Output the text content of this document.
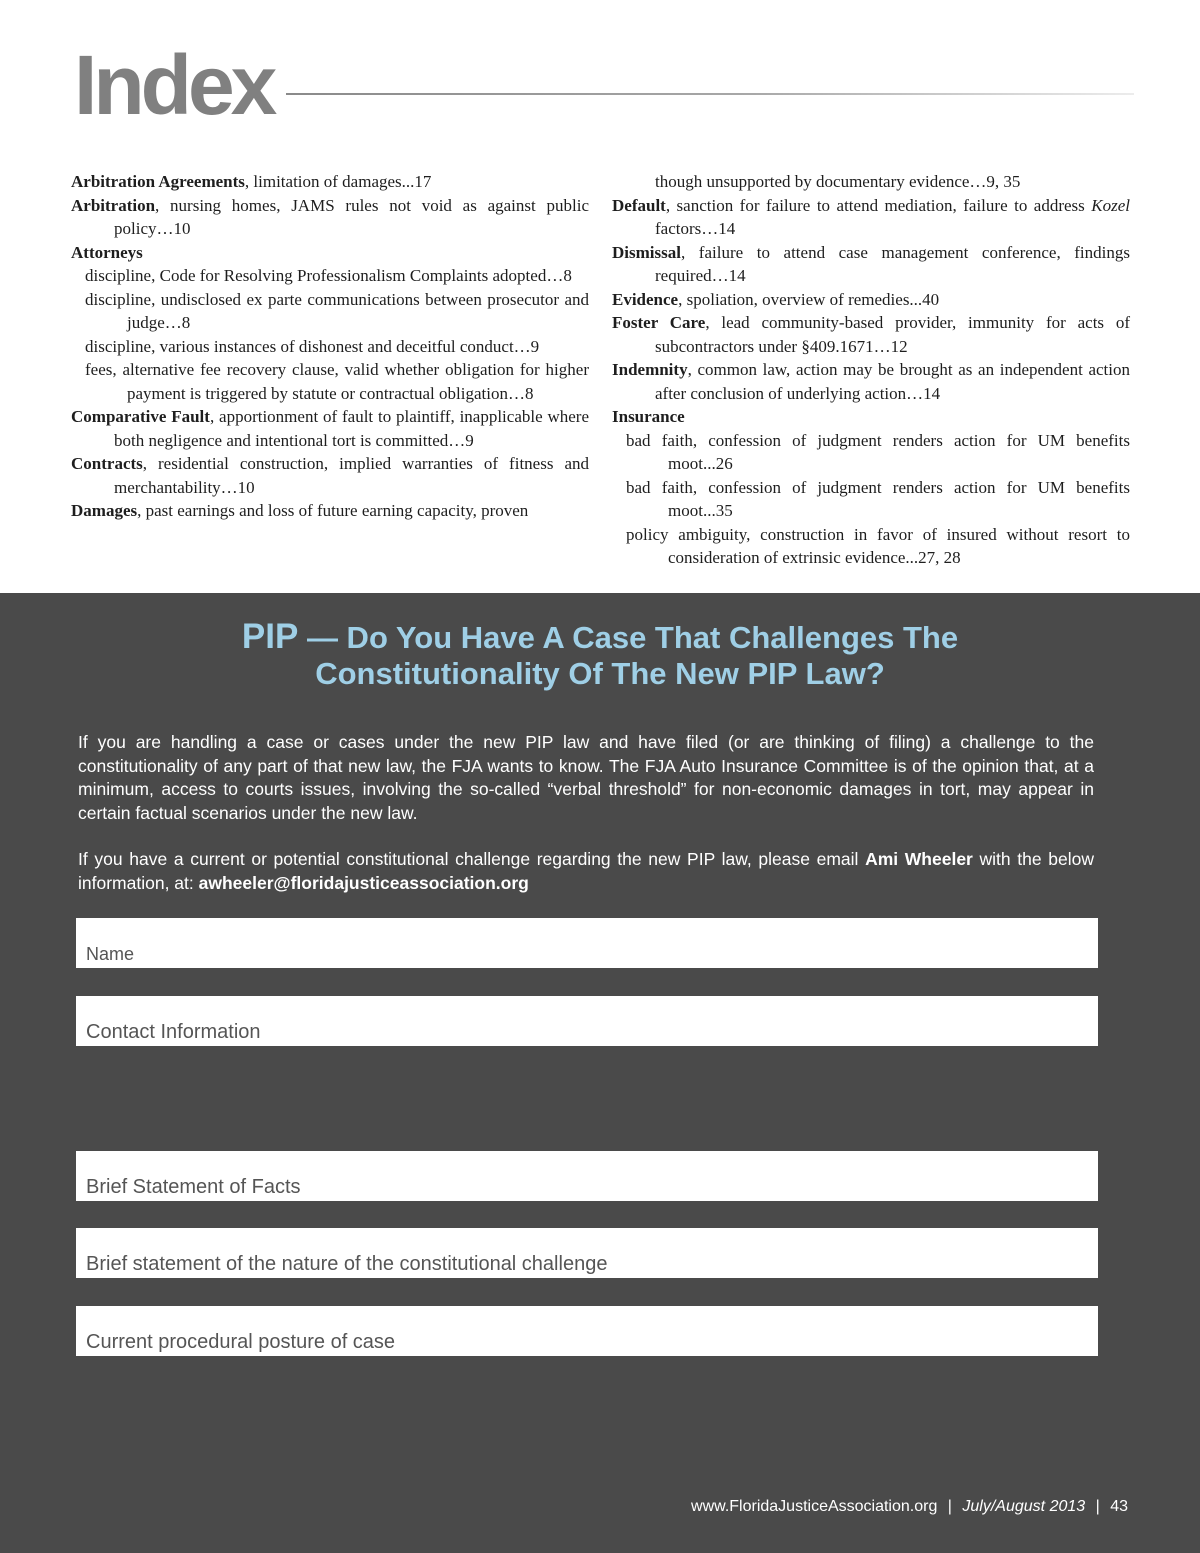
Index

Arbitration Agreements, limitation of damages...17

Arbitration, nursing homes, JAMS rules not void as against public policy…10

Attorneys

discipline, Code for Resolving Professionalism Complaints adopted…8

discipline, undisclosed ex parte communications between prosecutor and judge…8

discipline, various instances of dishonest and deceitful conduct…9

fees, alternative fee recovery clause, valid whether obligation for higher payment is triggered by statute or contractual obligation…8

Comparative Fault, apportionment of fault to plaintiff, inapplicable where both negligence and intentional tort is committed…9

Contracts, residential construction, implied warranties of fitness and merchantability…10

Damages, past earnings and loss of future earning capacity, proven

though unsupported by documentary evidence…9, 35

Default, sanction for failure to attend mediation, failure to address Kozel factors…14

Dismissal, failure to attend case management conference, findings required…14

Evidence, spoliation, overview of remedies...40

Foster Care, lead community-based provider, immunity for acts of subcontractors under §409.1671…12

Indemnity, common law, action may be brought as an independent action after conclusion of underlying action…14

Insurance

bad faith, confession of judgment renders action for UM benefits moot...26

bad faith, confession of judgment renders action for UM benefits moot...35

policy ambiguity, construction in favor of insured without resort to consideration of extrinsic evidence...27, 28

PIP — Do You Have A Case That Challenges The
Constitutionality Of The New PIP Law?

If you are handling a case or cases under the new PIP law and have filed (or are thinking of filing) a challenge to the constitutionality of any part of that new law, the FJA wants to know. The FJA Auto Insurance Committee is of the opinion that, at a minimum, access to courts issues, involving the so-called “verbal threshold” for non-economic damages in tort, may appear in certain factual scenarios under the new law.

If you have a current or potential constitutional challenge regarding the new PIP law, please email Ami Wheeler with the below information, at: awheeler@floridajusticeassociation.org

Name
Contact Information
Brief Statement of Facts
Brief statement of the nature of the constitutional challenge
Current procedural posture of case
www.FloridaJusticeAssociation.org | July/August 2013 | 43
